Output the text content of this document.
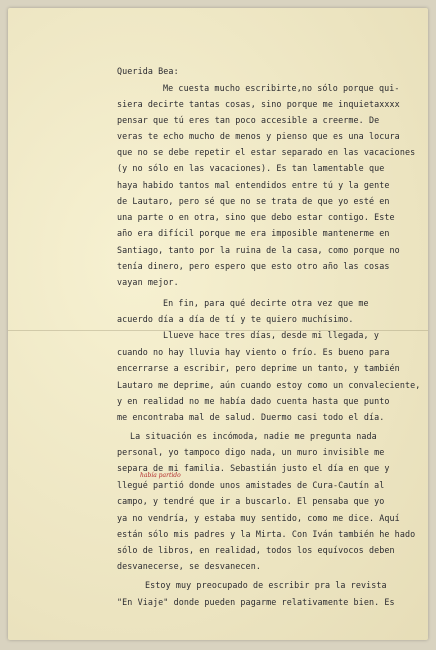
Querida Bea:
Me cuesta mucho escribirte,no sólo porque qui-
siera decirte tantas cosas, sino porque me inquietaxxxx
pensar que tú eres tan poco accesible a creerme. De
veras te echo mucho de menos y pienso que es una locura
que no se debe repetir el estar separado en las vacaciones
(y no sólo en las vacaciones). Es tan lamentable que
haya habido tantos mal entendidos entre tú y la gente
de Lautaro, pero sé que no se trata de que yo esté en
una parte o en otra, sino que debo estar contigo. Este
año era difícil porque me era imposible mantenerme en
Santiago, tanto por la ruina de la casa, como porque no
tenía dinero, pero espero que esto otro año las cosas
vayan mejor.
En fin, para qué decirte otra vez que me
acuerdo día a día de tí y te quiero muchísimo.
Llueve hace tres días, desde mi llegada, y
cuando no hay lluvia hay viento o frío. Es bueno para
encerrarse a escribir, pero deprime un tanto, y también
Lautaro me deprime, aún cuando estoy como un convaleciente,
y en realidad no me había dado cuenta hasta que punto
me encontraba mal de salud. Duermo casi todo el día.
La situación es incómoda, nadie me pregunta nada
personal, yo tampoco digo nada, un muro invisible me
separa de mi familia. Sebastián justo el día en que y
había partido
llegué partió donde unos amistades de Cura-Cautín al
campo, y tendré que ir a buscarlo. El pensaba que yo
ya no vendría, y estaba muy sentido, como me dice. Aquí
están sólo mis padres y la Mirta. Con Iván también he hado
sólo de libros, en realidad, todos los equívocos deben
desvanecerse, se desvanecen.
Estoy muy preocupado de escribir pra la revista
"En Viaje" donde pueden pagarme relativamente bien. Es
